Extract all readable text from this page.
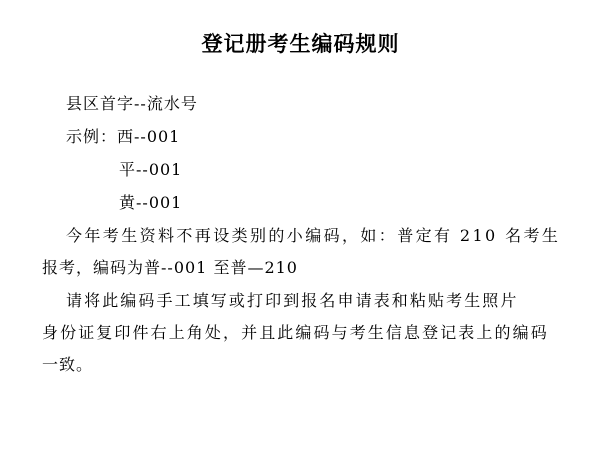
登记册考生编码规则
县区首字--流水号
示例：西--001
平--001
黄--001
今年考生资料不再设类别的小编码，如：普定有 210 名考生
报考，编码为普--001 至普—210
请将此编码手工填写或打印到报名申请表和粘贴考生照片
身份证复印件右上角处，并且此编码与考生信息登记表上的编码
一致。
